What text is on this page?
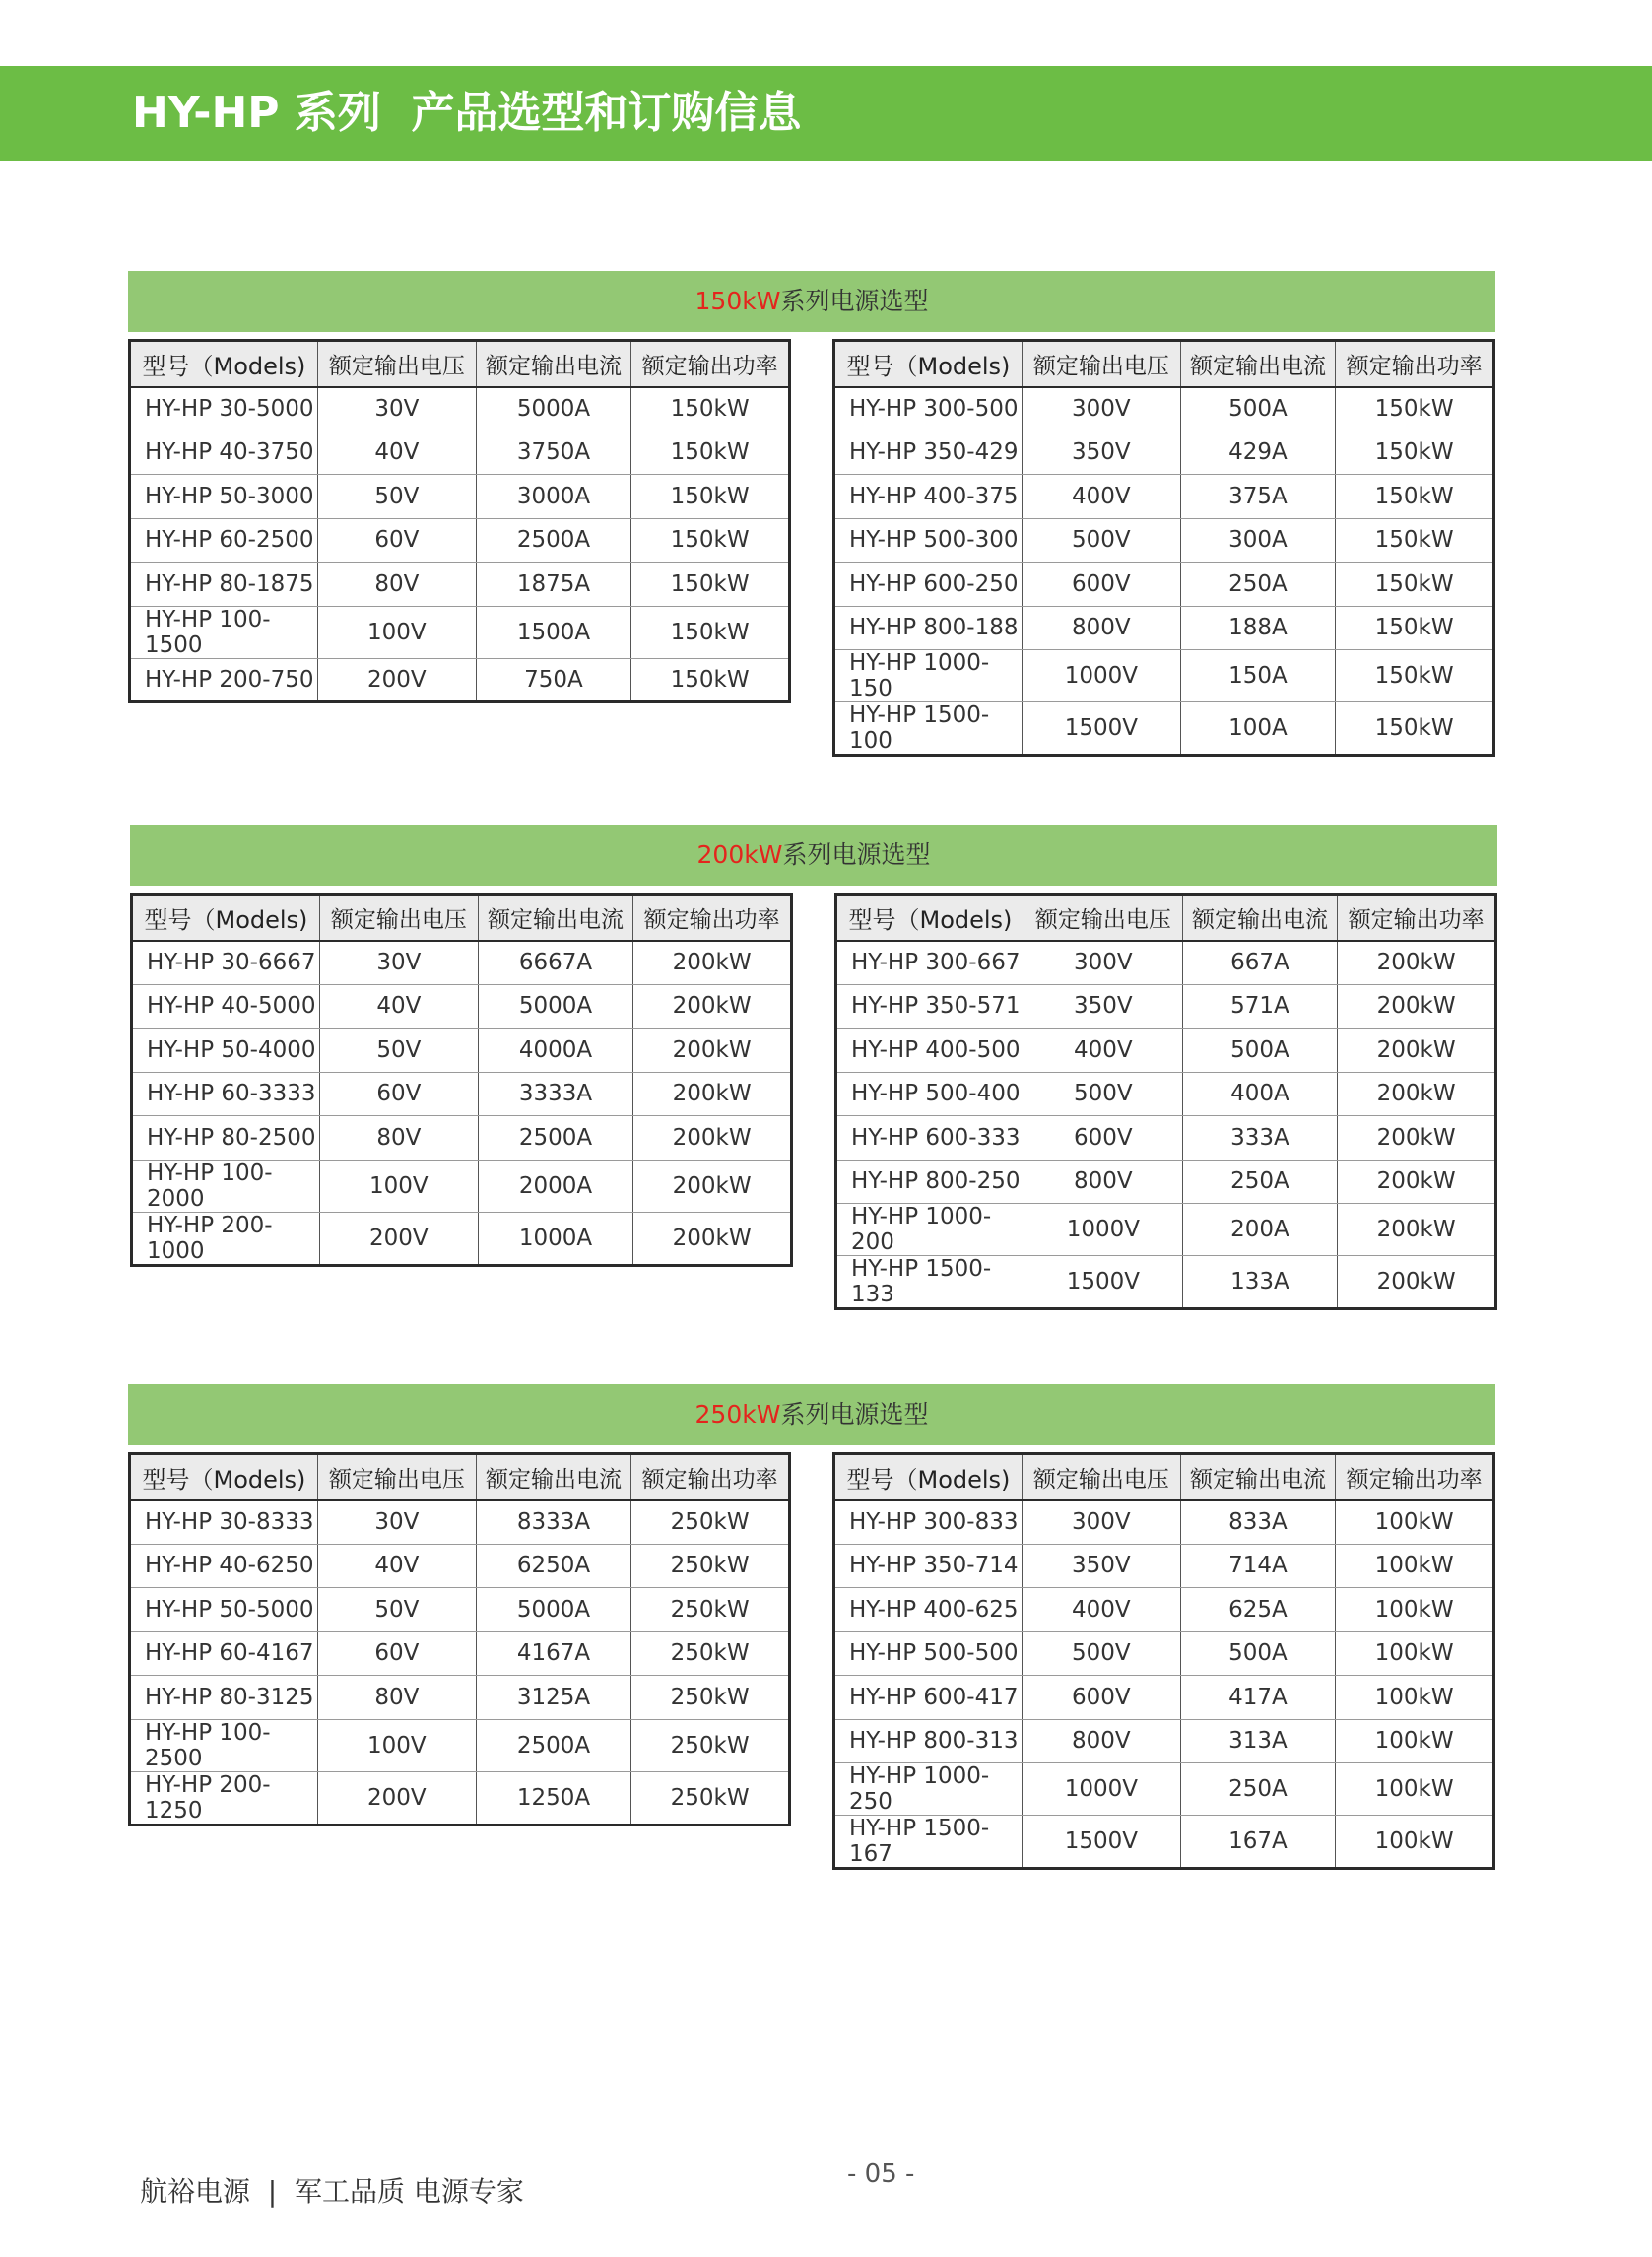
HY-HP 系列  产品选型和订购信息
150kW系列电源选型
型号（Models)	额定输出电压	额定输出电流	额定输出功率
HY-HP 30-5000	30V	5000A	150kW
HY-HP 40-3750	40V	3750A	150kW
HY-HP 50-3000	50V	3000A	150kW
HY-HP 60-2500	60V	2500A	150kW
HY-HP 80-1875	80V	1875A	150kW
HY-HP 100-1500	100V	1500A	150kW
HY-HP 200-750	200V	750A	150kW
型号（Models)	额定输出电压	额定输出电流	额定输出功率
HY-HP 300-500	300V	500A	150kW
HY-HP 350-429	350V	429A	150kW
HY-HP 400-375	400V	375A	150kW
HY-HP 500-300	500V	300A	150kW
HY-HP 600-250	600V	250A	150kW
HY-HP 800-188	800V	188A	150kW
HY-HP 1000-150	1000V	150A	150kW
HY-HP 1500-100	1500V	100A	150kW
200kW系列电源选型
型号（Models)	额定输出电压	额定输出电流	额定输出功率
HY-HP 30-6667	30V	6667A	200kW
HY-HP 40-5000	40V	5000A	200kW
HY-HP 50-4000	50V	4000A	200kW
HY-HP 60-3333	60V	3333A	200kW
HY-HP 80-2500	80V	2500A	200kW
HY-HP 100-2000	100V	2000A	200kW
HY-HP 200-1000	200V	1000A	200kW
型号（Models)	额定输出电压	额定输出电流	额定输出功率
HY-HP 300-667	300V	667A	200kW
HY-HP 350-571	350V	571A	200kW
HY-HP 400-500	400V	500A	200kW
HY-HP 500-400	500V	400A	200kW
HY-HP 600-333	600V	333A	200kW
HY-HP 800-250	800V	250A	200kW
HY-HP 1000-200	1000V	200A	200kW
HY-HP 1500-133	1500V	133A	200kW
250kW系列电源选型
型号（Models)	额定输出电压	额定输出电流	额定输出功率
HY-HP 30-8333	30V	8333A	250kW
HY-HP 40-6250	40V	6250A	250kW
HY-HP 50-5000	50V	5000A	250kW
HY-HP 60-4167	60V	4167A	250kW
HY-HP 80-3125	80V	3125A	250kW
HY-HP 100-2500	100V	2500A	250kW
HY-HP 200-1250	200V	1250A	250kW
型号（Models)	额定输出电压	额定输出电流	额定输出功率
HY-HP 300-833	300V	833A	100kW
HY-HP 350-714	350V	714A	100kW
HY-HP 400-625	400V	625A	100kW
HY-HP 500-500	500V	500A	100kW
HY-HP 600-417	600V	417A	100kW
HY-HP 800-313	800V	313A	100kW
HY-HP 1000-250	1000V	250A	100kW
HY-HP 1500-167	1500V	167A	100kW
航裕电源  |  军工品质 电源专家
- 05 -
